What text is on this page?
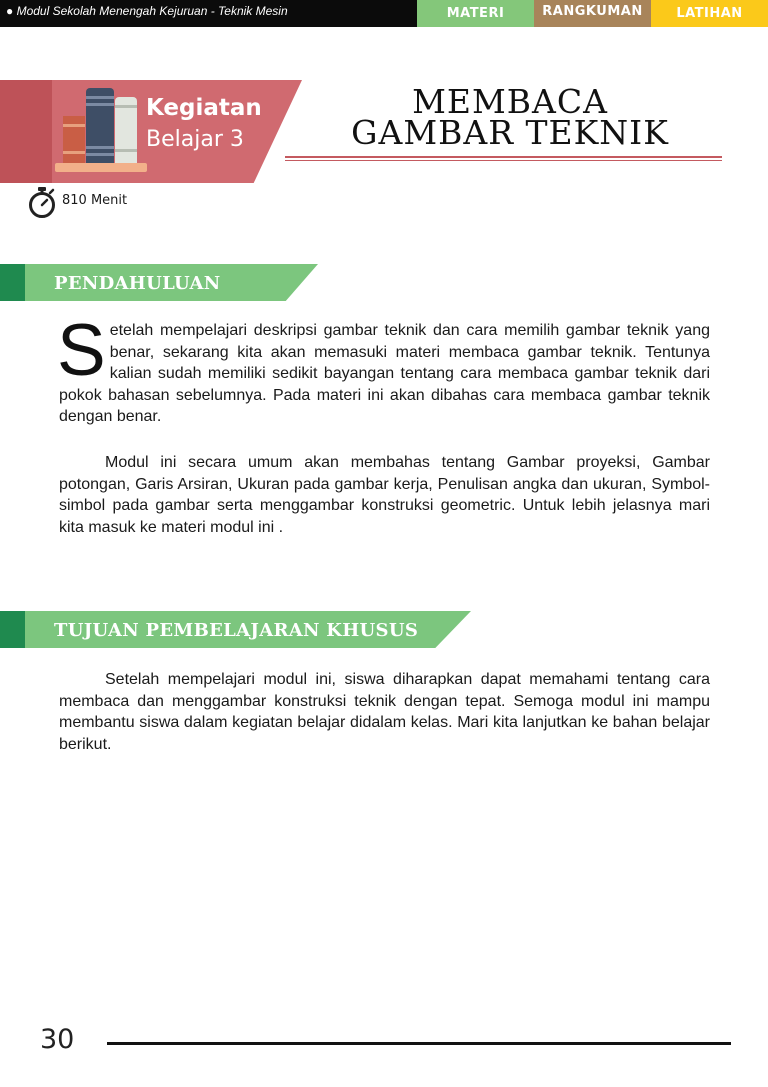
● Modul Sekolah Menengah Kejuruan - Teknik Mesin	MATERI	RANGKUMAN	LATIHAN
Kegiatan
Belajar 3
MEMBACA
GAMBAR TEKNIK
810 Menit
PENDAHULUAN

Setelah mempelajari deskripsi gambar teknik dan cara memilih gambar teknik yang benar, sekarang kita akan memasuki materi membaca gambar teknik. Tentunya kalian sudah memiliki sedikit bayangan tentang cara membaca gambar teknik dari pokok bahasan sebelumnya. Pada materi ini akan dibahas cara membaca gambar teknik dengan benar.

Modul ini secara umum akan membahas tentang Gambar proyeksi, Gambar potongan, Garis Arsiran, Ukuran pada gambar kerja, Penulisan angka dan ukuran, Symbol-simbol pada gambar serta menggambar konstruksi geometric. Untuk lebih jelasnya mari kita masuk ke materi modul ini .

TUJUAN PEMBELAJARAN KHUSUS

Setelah mempelajari modul ini, siswa diharapkan dapat memahami tentang cara membaca dan menggambar konstruksi teknik dengan tepat. Semoga modul ini mampu membantu siswa dalam kegiatan belajar didalam kelas. Mari kita lanjutkan ke bahan belajar berikut.

30
